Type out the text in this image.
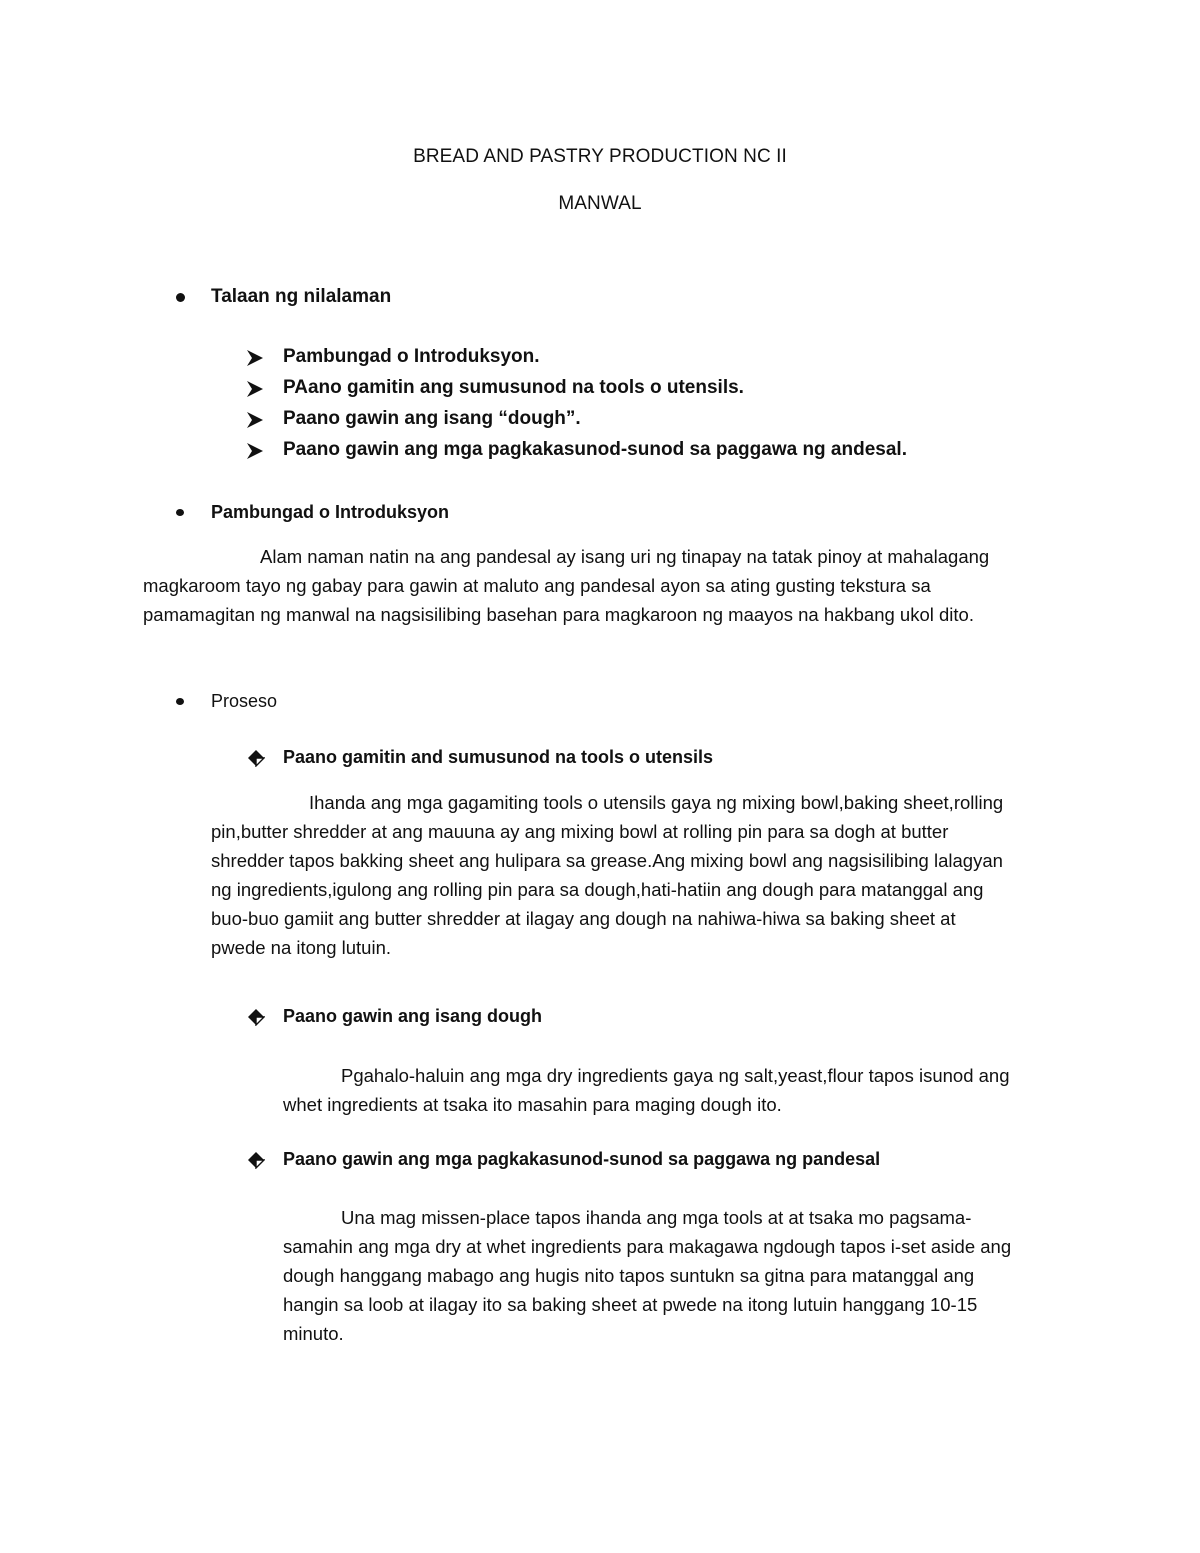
BREAD AND PASTRY PRODUCTION NC II
MANWAL
Talaan ng nilalaman
Pambungad o Introduksyon.
PAano gamitin ang sumusunod na tools o utensils.
Paano gawin ang isang “dough”.
Paano gawin ang mga pagkakasunod-sunod sa paggawa ng andesal.
Pambungad o Introduksyon
Alam naman natin na ang pandesal ay isang uri ng tinapay na tatak pinoy at mahalagang
magkaroom tayo ng gabay para gawin at maluto ang pandesal ayon sa ating gusting tekstura sa
pamamagitan ng manwal na nagsisilibing basehan para magkaroon ng maayos na hakbang ukol dito.
Proseso
Paano gamitin and sumusunod na tools o utensils
Ihanda ang mga gagamiting tools o utensils gaya ng mixing bowl,baking sheet,rolling
pin,butter shredder at ang mauuna ay ang mixing bowl at rolling pin para sa dogh at butter
shredder tapos bakking sheet ang hulipara sa grease.Ang mixing bowl ang nagsisilibing lalagyan
ng ingredients,igulong ang rolling pin para sa dough,hati-hatiin ang dough para matanggal ang
buo-buo gamiit ang butter shredder at ilagay ang dough na nahiwa-hiwa sa baking sheet at
pwede na itong lutuin.
Paano gawin ang isang dough
Pgahalo-haluin ang mga dry ingredients gaya ng salt,yeast,flour tapos isunod ang
whet ingredients at tsaka ito masahin para maging dough ito.
Paano gawin ang mga pagkakasunod-sunod sa paggawa ng pandesal
Una mag missen-place tapos ihanda ang mga tools at at tsaka mo pagsama-
samahin ang mga dry at whet ingredients para makagawa ngdough tapos i-set aside ang
dough hanggang mabago ang hugis nito tapos suntukn sa gitna para matanggal ang
hangin sa loob at ilagay ito sa baking sheet at pwede na itong lutuin hanggang 10-15
minuto.
